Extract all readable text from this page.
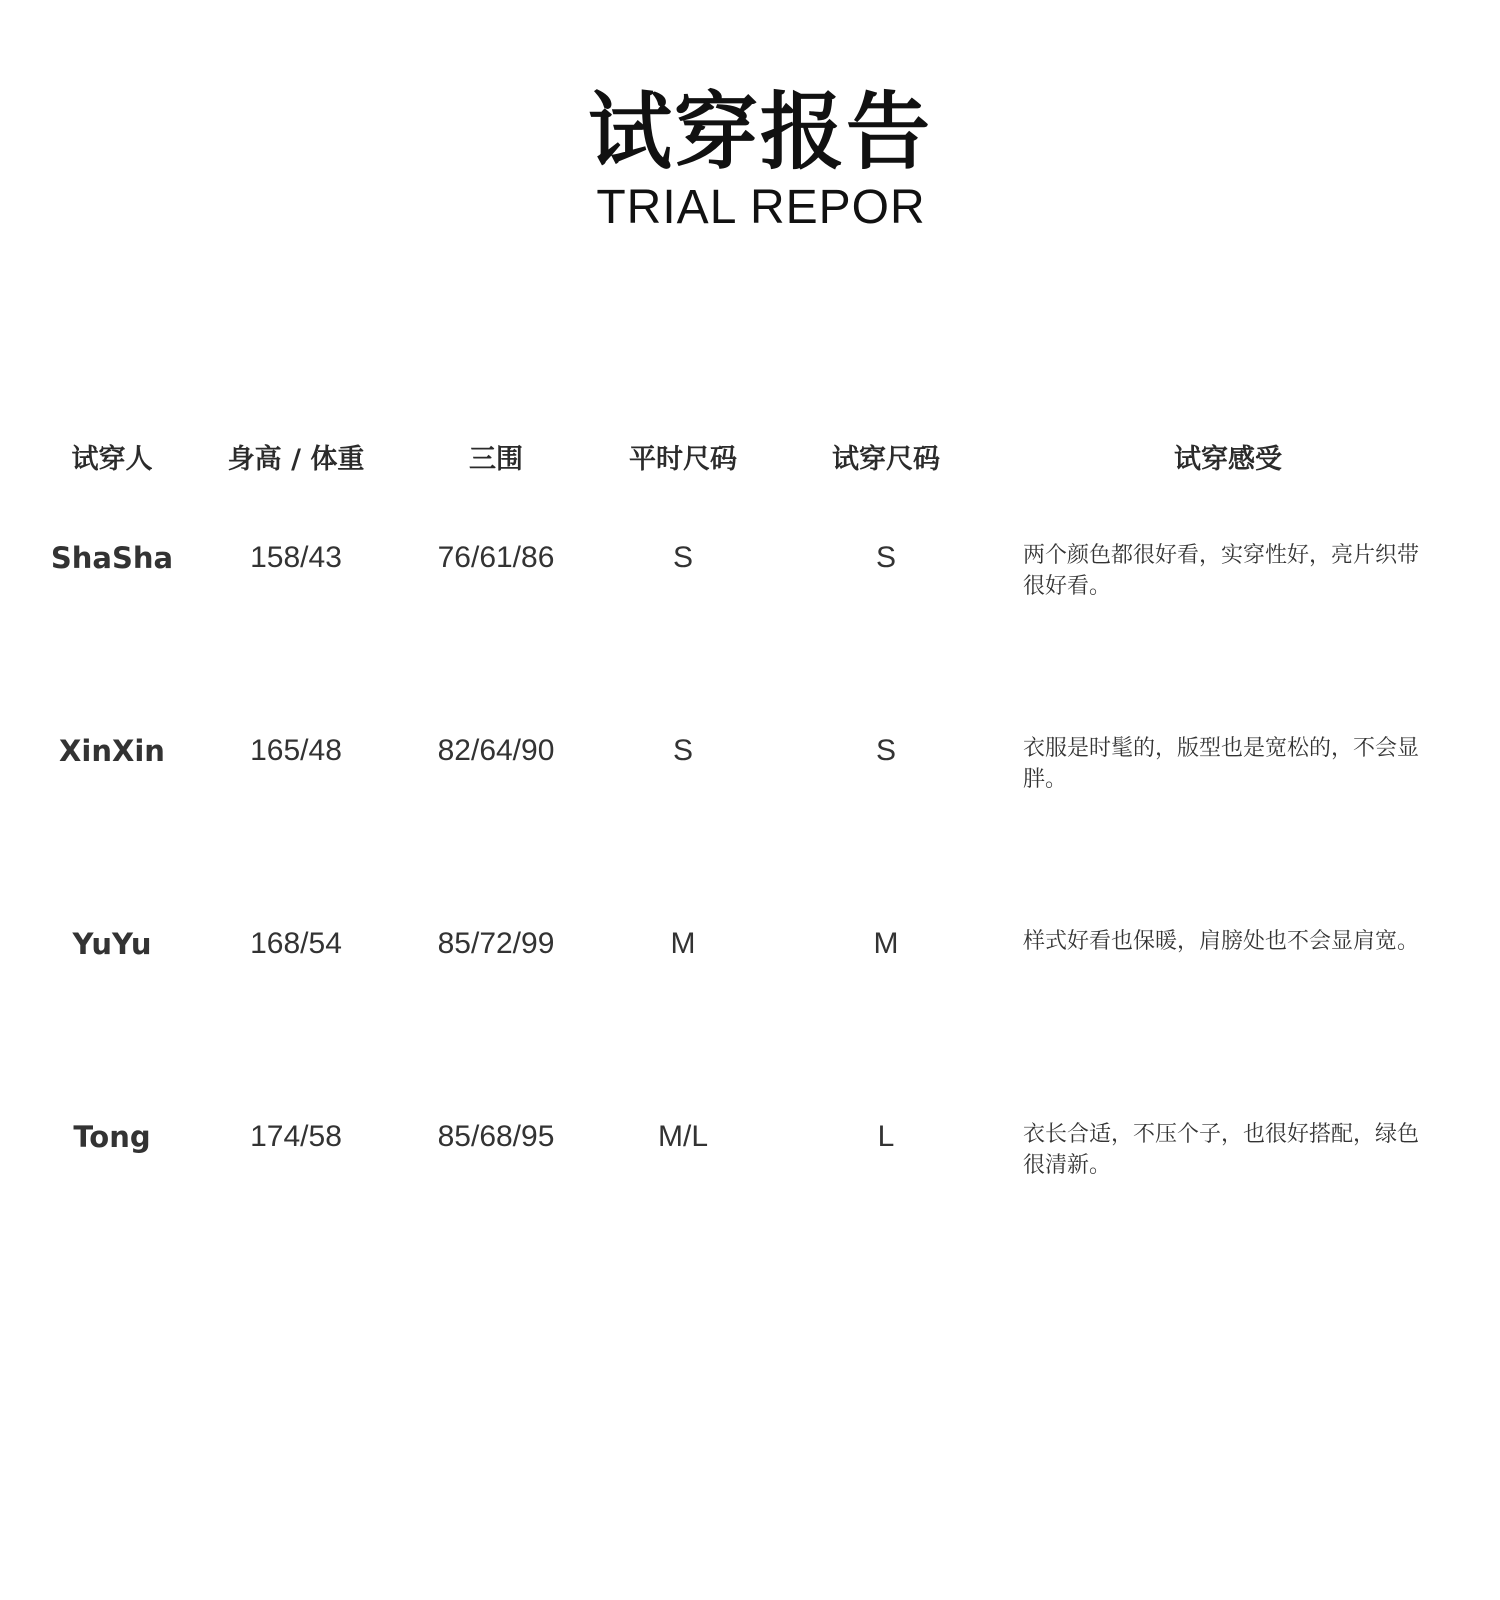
试穿报告
TRIAL REPOR
试穿人	身高 / 体重	三围	平时尺码	试穿尺码	试穿感受
ShaSha	158/43	76/61/86	S	S	两个颜色都很好看，实穿性好，亮片织带很好看。
XinXin	165/48	82/64/90	S	S	衣服是时髦的，版型也是宽松的，不会显胖。
YuYu	168/54	85/72/99	M	M	样式好看也保暖，肩膀处也不会显肩宽。
Tong	174/58	85/68/95	M/L	L	衣长合适，不压个子，也很好搭配，绿色很清新。
